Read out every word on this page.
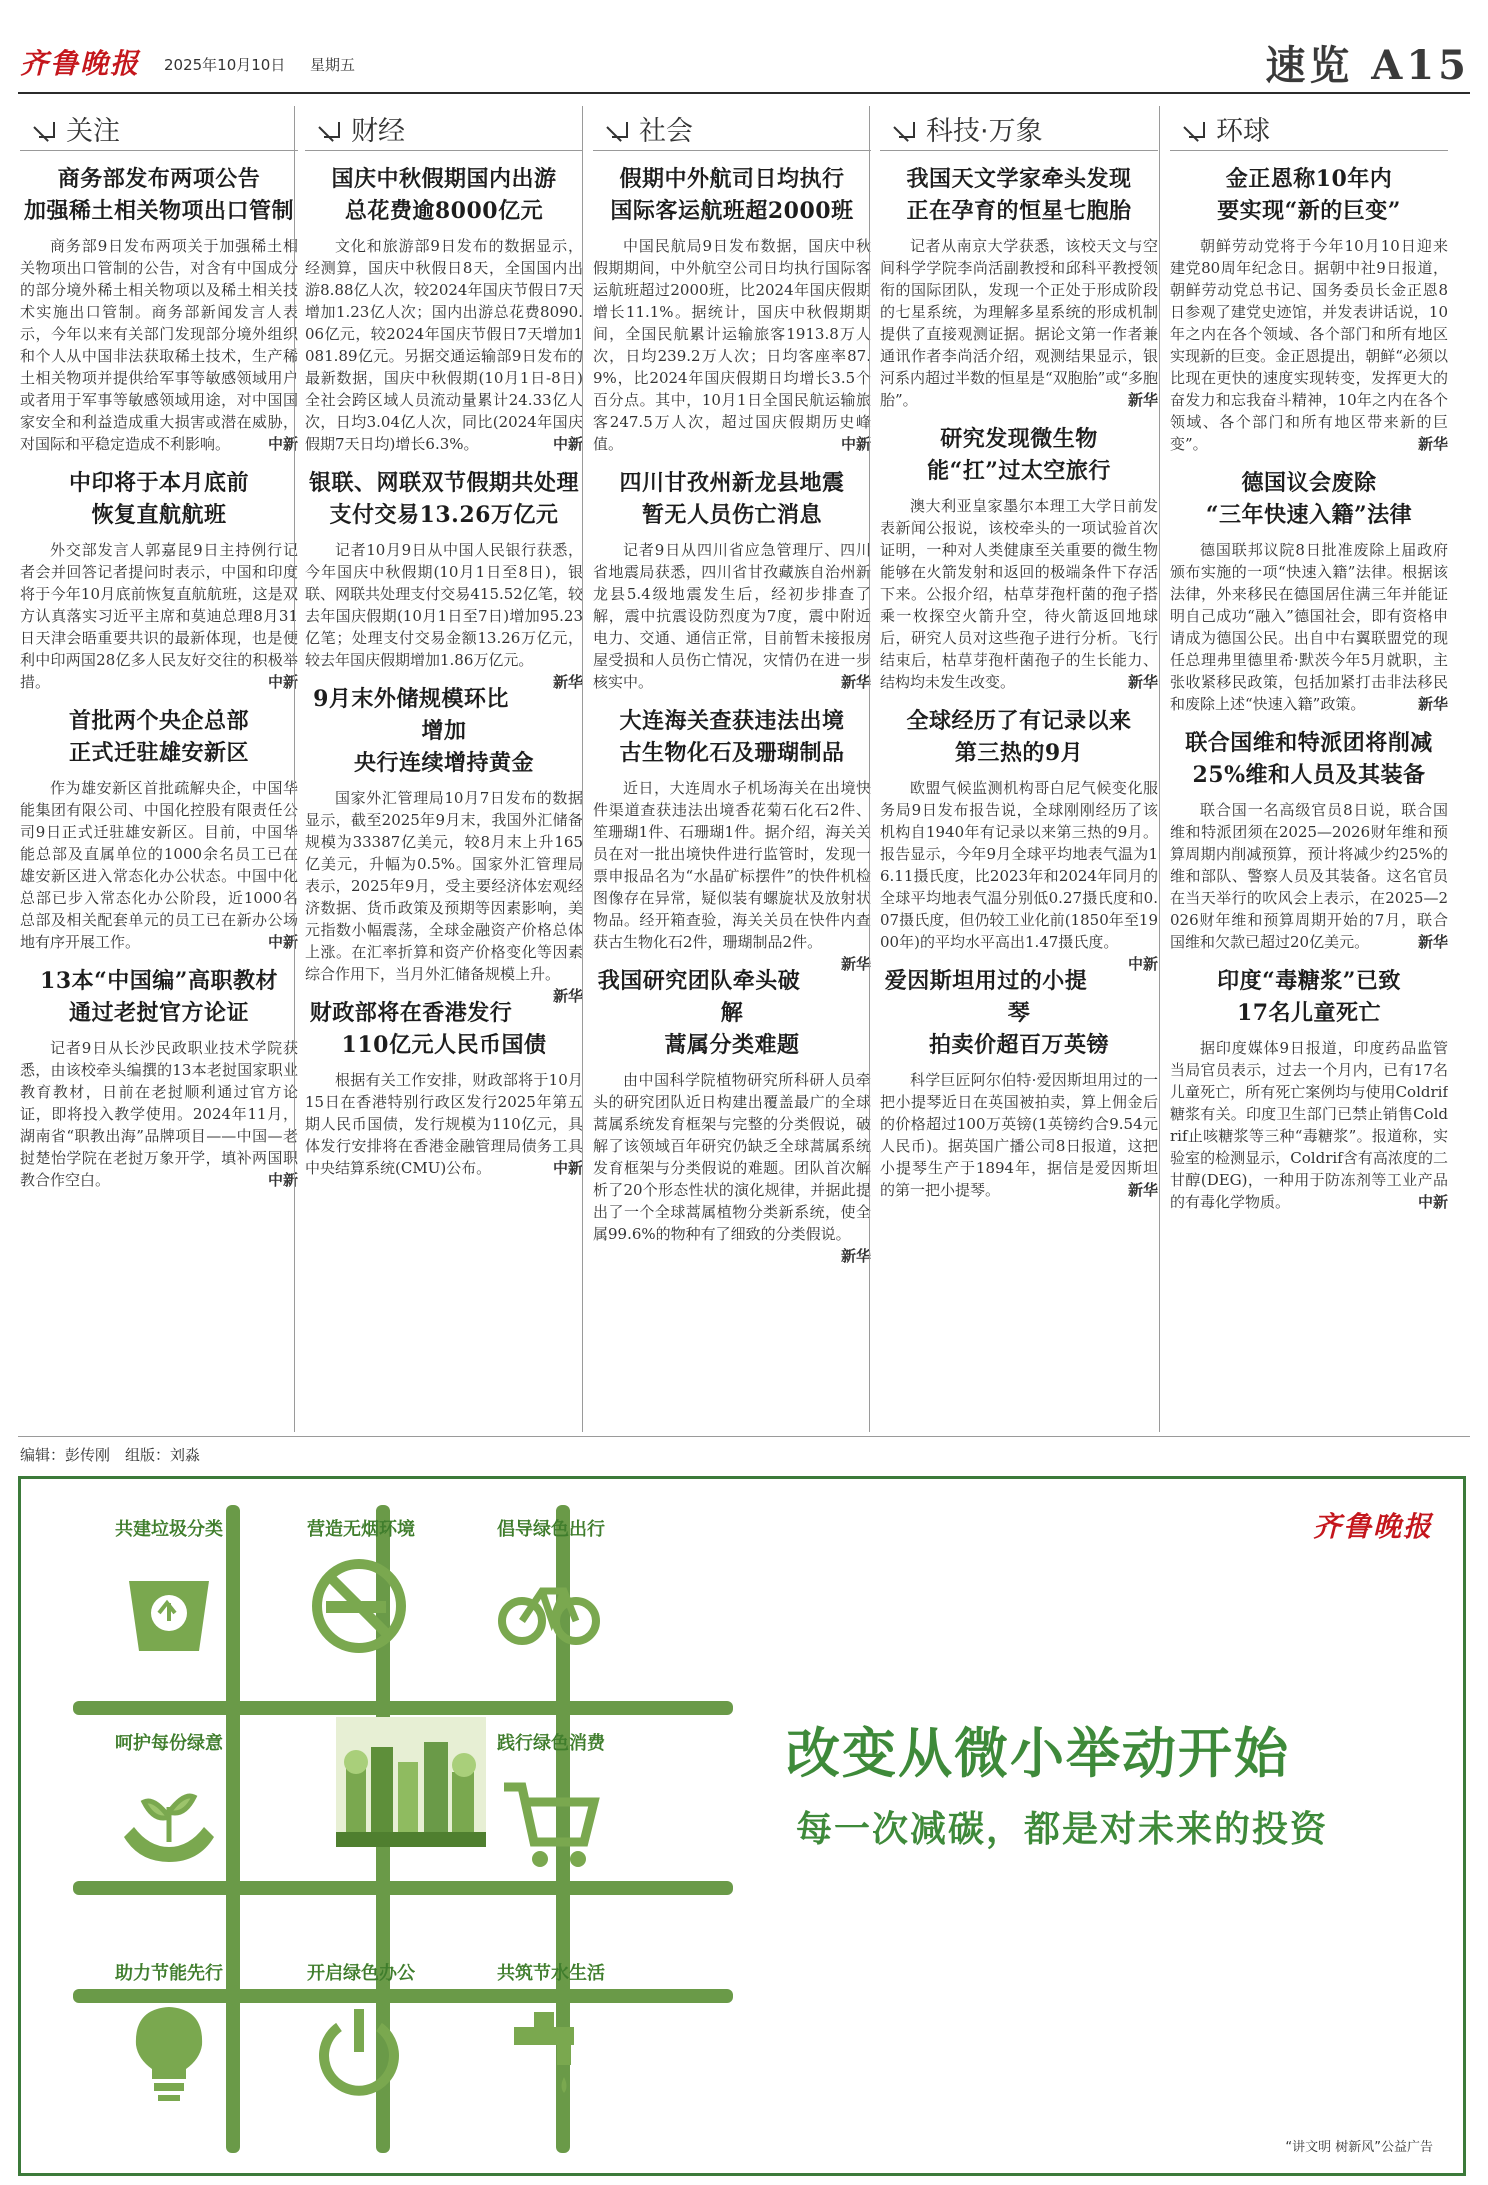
齐鲁晚报 2025年10月10日 星期五	速览 A15
关注
商务部发布两项公告
加强稀土相关物项出口管制

商务部9日发布两项关于加强稀土相关物项出口管制的公告，对含有中国成分的部分境外稀土相关物项以及稀土相关技术实施出口管制。商务部新闻发言人表示，今年以来有关部门发现部分境外组织和个人从中国非法获取稀土技术，生产稀土相关物项并提供给军事等敏感领域用户或者用于军事等敏感领域用途，对中国国家安全和利益造成重大损害或潜在威胁，对国际和平稳定造成不利影响。	中新

中印将于本月底前
恢复直航航班

外交部发言人郭嘉昆9日主持例行记者会并回答记者提问时表示，中国和印度将于今年10月底前恢复直航航班，这是双方认真落实习近平主席和莫迪总理8月31日天津会晤重要共识的最新体现，也是便利中印两国28亿多人民友好交往的积极举措。	中新

首批两个央企总部
正式迁驻雄安新区

作为雄安新区首批疏解央企，中国华能集团有限公司、中国化控股有限责任公司9日正式迁驻雄安新区。目前，中国华能总部及直属单位的1000余名员工已在雄安新区进入常态化办公状态。中国中化总部已步入常态化办公阶段，近1000名总部及相关配套单元的员工已在新办公场地有序开展工作。	中新

13本“中国编”高职教材
通过老挝官方论证

记者9日从长沙民政职业技术学院获悉，由该校牵头编撰的13本老挝国家职业教育教材，日前在老挝顺利通过官方论证，即将投入教学使用。2024年11月，湖南省“职教出海”品牌项目——中国—老挝楚怡学院在老挝万象开学，填补两国职教合作空白。	中新

财经
国庆中秋假期国内出游
总花费逾8000亿元

文化和旅游部9日发布的数据显示，经测算，国庆中秋假日8天，全国国内出游8.88亿人次，较2024年国庆节假日7天增加1.23亿人次；国内出游总花费8090.06亿元，较2024年国庆节假日7天增加1081.89亿元。另据交通运输部9日发布的最新数据，国庆中秋假期(10月1日-8日)全社会跨区域人员流动量累计24.33亿人次，日均3.04亿人次，同比(2024年国庆假期7天日均)增长6.3%。	中新

银联、网联双节假期共处理
支付交易13.26万亿元

记者10月9日从中国人民银行获悉，今年国庆中秋假期(10月1日至8日)，银联、网联共处理支付交易415.52亿笔，较去年国庆假期(10月1日至7日)增加95.23亿笔；处理支付交易金额13.26万亿元，较去年国庆假期增加1.86万亿元。
新华

9月末外储规模环比增加
央行连续增持黄金

国家外汇管理局10月7日发布的数据显示，截至2025年9月末，我国外汇储备规模为33387亿美元，较8月末上升165亿美元，升幅为0.5%。国家外汇管理局表示，2025年9月，受主要经济体宏观经济数据、货币政策及预期等因素影响，美元指数小幅震荡，全球金融资产价格总体上涨。在汇率折算和资产价格变化等因素综合作用下，当月外汇储备规模上升。
新华

财政部将在香港发行
110亿元人民币国债

根据有关工作安排，财政部将于10月15日在香港特别行政区发行2025年第五期人民币国债，发行规模为110亿元，具体发行安排将在香港金融管理局债务工具中央结算系统(CMU)公布。	中新

社会
假期中外航司日均执行
国际客运航班超2000班

中国民航局9日发布数据，国庆中秋假期期间，中外航空公司日均执行国际客运航班超过2000班，比2024年国庆假期增长11.1%。据统计，国庆中秋假期期间，全国民航累计运输旅客1913.8万人次，日均239.2万人次；日均客座率87.9%，比2024年国庆假期日均增长3.5个百分点。其中，10月1日全国民航运输旅客247.5万人次，超过国庆假期历史峰值。	中新

四川甘孜州新龙县地震
暂无人员伤亡消息

记者9日从四川省应急管理厅、四川省地震局获悉，四川省甘孜藏族自治州新龙县5.4级地震发生后，经初步排查了解，震中抗震设防烈度为7度，震中附近电力、交通、通信正常，目前暂未接报房屋受损和人员伤亡情况，灾情仍在进一步核实中。	新华

大连海关查获违法出境
古生物化石及珊瑚制品

近日，大连周水子机场海关在出境快件渠道查获违法出境香花菊石化石2件、笙珊瑚1件、石珊瑚1件。据介绍，海关关员在对一批出境快件进行监管时，发现一票申报品名为“水晶矿标摆件”的快件机检图像存在异常，疑似装有螺旋状及放射状物品。经开箱查验，海关关员在快件内查获古生物化石2件，珊瑚制品2件。
新华

我国研究团队牵头破解
蒿属分类难题

由中国科学院植物研究所科研人员牵头的研究团队近日构建出覆盖最广的全球蒿属系统发育框架与完整的分类假说，破解了该领域百年研究仍缺乏全球蒿属系统发育框架与分类假说的难题。团队首次解析了20个形态性状的演化规律，并据此提出了一个全球蒿属植物分类新系统，使全属99.6%的物种有了细致的分类假说。
新华

科技·万象
我国天文学家牵头发现
正在孕育的恒星七胞胎

记者从南京大学获悉，该校天文与空间科学学院李尚活副教授和邱科平教授领衔的国际团队，发现一个正处于形成阶段的七星系统，为理解多星系统的形成机制提供了直接观测证据。据论文第一作者兼通讯作者李尚活介绍，观测结果显示，银河系内超过半数的恒星是“双胞胎”或“多胞胎”。	新华

研究发现微生物
能“扛”过太空旅行

澳大利亚皇家墨尔本理工大学日前发表新闻公报说，该校牵头的一项试验首次证明，一种对人类健康至关重要的微生物能够在火箭发射和返回的极端条件下存活下来。公报介绍，枯草芽孢杆菌的孢子搭乘一枚探空火箭升空，待火箭返回地球后，研究人员对这些孢子进行分析。飞行结束后，枯草芽孢杆菌孢子的生长能力、结构均未发生改变。	新华

全球经历了有记录以来
第三热的9月

欧盟气候监测机构哥白尼气候变化服务局9日发布报告说，全球刚刚经历了该机构自1940年有记录以来第三热的9月。报告显示，今年9月全球平均地表气温为16.11摄氏度，比2023年和2024年同月的全球平均地表气温分别低0.27摄氏度和0.07摄氏度，但仍较工业化前(1850年至1900年)的平均水平高出1.47摄氏度。
中新

爱因斯坦用过的小提琴
拍卖价超百万英镑

科学巨匠阿尔伯特·爱因斯坦用过的一把小提琴近日在英国被拍卖，算上佣金后的价格超过100万英镑(1英镑约合9.54元人民币)。据英国广播公司8日报道，这把小提琴生产于1894年，据信是爱因斯坦的第一把小提琴。	新华

环球
金正恩称10年内
要实现“新的巨变”

朝鲜劳动党将于今年10月10日迎来建党80周年纪念日。据朝中社9日报道，朝鲜劳动党总书记、国务委员长金正恩8日参观了建党史迹馆，并发表讲话说，10年之内在各个领域、各个部门和所有地区实现新的巨变。金正恩提出，朝鲜“必须以比现在更快的速度实现转变，发挥更大的奋发力和忘我奋斗精神，10年之内在各个领域、各个部门和所有地区带来新的巨变”。	新华

德国议会废除
“三年快速入籍”法律

德国联邦议院8日批准废除上届政府颁布实施的一项“快速入籍”法律。根据该法律，外来移民在德国居住满三年并能证明自己成功“融入”德国社会，即有资格申请成为德国公民。出自中右翼联盟党的现任总理弗里德里希·默茨今年5月就职，主张收紧移民政策，包括加紧打击非法移民和废除上述“快速入籍”政策。	新华

联合国维和特派团将削减
25%维和人员及其装备

联合国一名高级官员8日说，联合国维和特派团须在2025—2026财年维和预算周期内削减预算，预计将减少约25%的维和部队、警察人员及其装备。这名官员在当天举行的吹风会上表示，在2025—2026财年维和预算周期开始的7月，联合国维和欠款已超过20亿美元。	新华

印度“毒糖浆”已致
17名儿童死亡

据印度媒体9日报道，印度药品监管当局官员表示，过去一个月内，已有17名儿童死亡，所有死亡案例均与使用Coldrif糖浆有关。印度卫生部门已禁止销售Coldrif止咳糖浆等三种“毒糖浆”。报道称，实验室的检测显示，Coldrif含有高浓度的二甘醇(DEG)，一种用于防冻剂等工业产品的有毒化学物质。	中新

编辑：彭传刚　组版：刘淼
齐鲁晚报
共建垃圾分类	营造无烟环境	倡导绿色出行
呵护每份绿意	践行绿色消费
助力节能先行	开启绿色办公	共筑节水生活
改变从微小举动开始
每一次减碳，都是对未来的投资
“讲文明 树新风”公益广告
